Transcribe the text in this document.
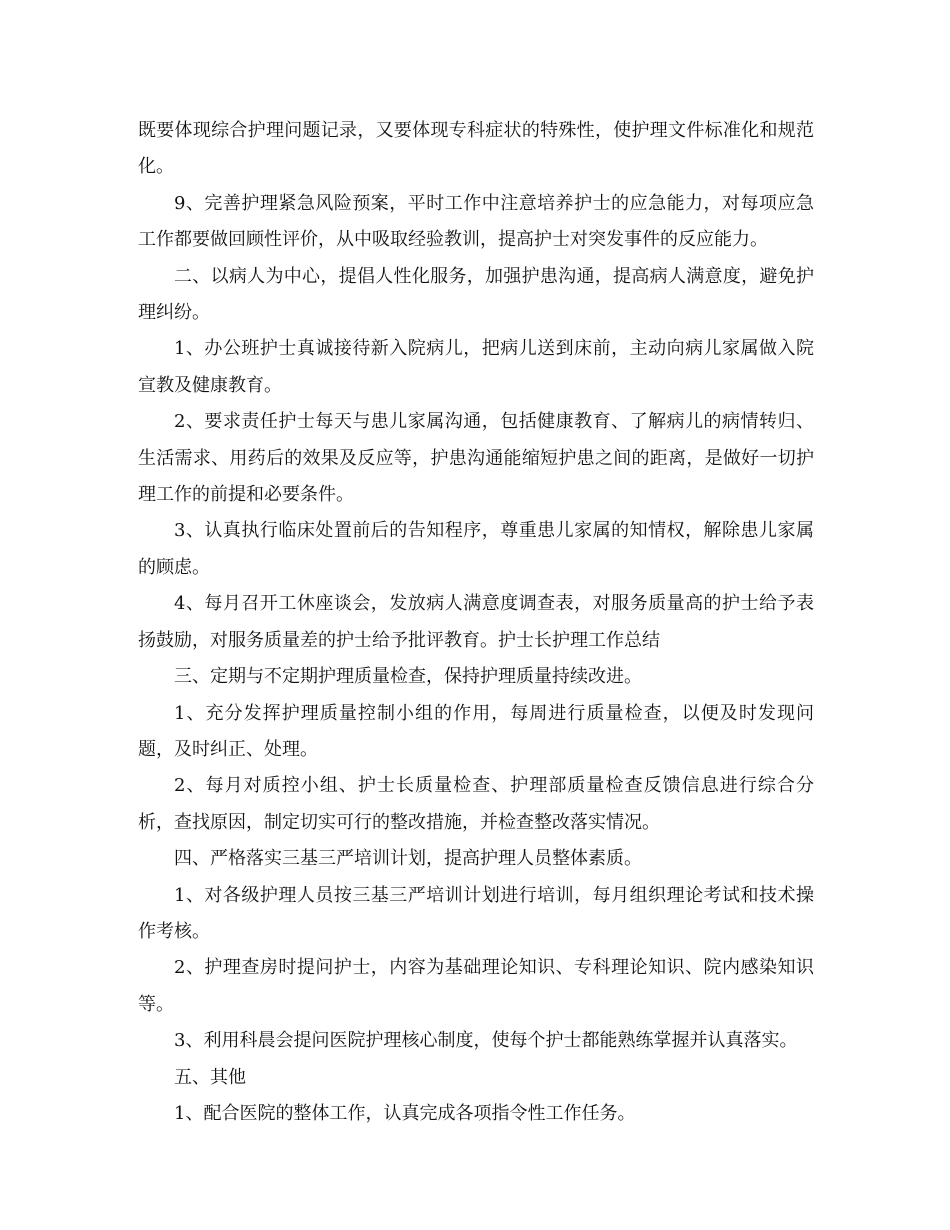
既要体现综合护理问题记录，又要体现专科症状的特殊性，使护理文件标准化和规范化。

9、完善护理紧急风险预案，平时工作中注意培养护士的应急能力，对每项应急工作都要做回顾性评价，从中吸取经验教训，提高护士对突发事件的反应能力。

二、以病人为中心，提倡人性化服务，加强护患沟通，提高病人满意度，避免护理纠纷。

1、办公班护士真诚接待新入院病儿，把病儿送到床前，主动向病儿家属做入院宣教及健康教育。

2、要求责任护士每天与患儿家属沟通，包括健康教育、了解病儿的病情转归、生活需求、用药后的效果及反应等，护患沟通能缩短护患之间的距离，是做好一切护理工作的前提和必要条件。

3、认真执行临床处置前后的告知程序，尊重患儿家属的知情权，解除患儿家属的顾虑。

4、每月召开工休座谈会，发放病人满意度调查表，对服务质量高的护士给予表扬鼓励，对服务质量差的护士给予批评教育。护士长护理工作总结

三、定期与不定期护理质量检查，保持护理质量持续改进。

1、充分发挥护理质量控制小组的作用，每周进行质量检查，以便及时发现问题，及时纠正、处理。

2、每月对质控小组、护士长质量检查、护理部质量检查反馈信息进行综合分析，查找原因，制定切实可行的整改措施，并检查整改落实情况。

四、严格落实三基三严培训计划，提高护理人员整体素质。

1、对各级护理人员按三基三严培训计划进行培训，每月组织理论考试和技术操作考核。

2、护理查房时提问护士，内容为基础理论知识、专科理论知识、院内感染知识等。

3、利用科晨会提问医院护理核心制度，使每个护士都能熟练掌握并认真落实。

五、其他

1、配合医院的整体工作，认真完成各项指令性工作任务。
